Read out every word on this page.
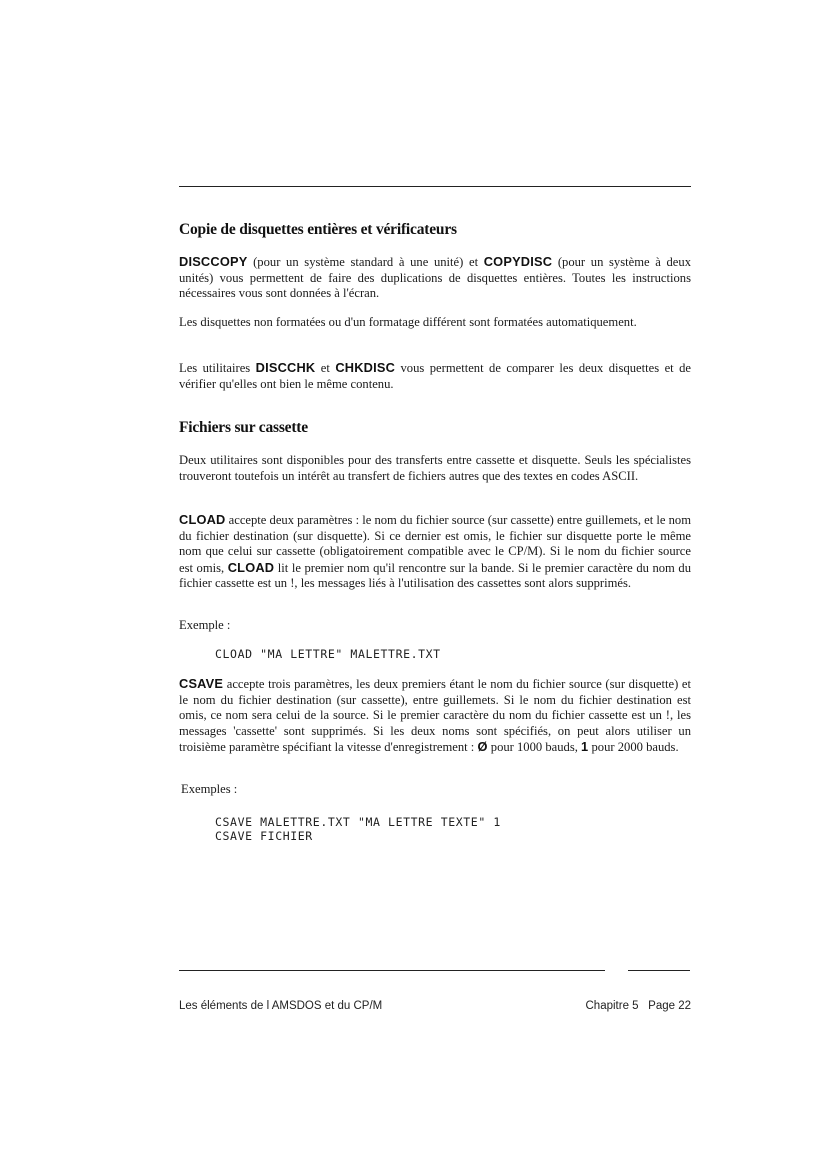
Copie de disquettes entières et vérificateurs

DISCCOPY (pour un système standard à une unité) et COPYDISC (pour un système à deux unités) vous permettent de faire des duplications de disquettes entières. Toutes les instructions nécessaires vous sont données à l'écran.

Les disquettes non formatées ou d'un formatage différent sont formatées automatiquement.

Les utilitaires DISCCHK et CHKDISC vous permettent de comparer les deux disquettes et de vérifier qu'elles ont bien le même contenu.

Fichiers sur cassette

Deux utilitaires sont disponibles pour des transferts entre cassette et disquette. Seuls les spécialistes trouveront toutefois un intérêt au transfert de fichiers autres que des textes en codes ASCII.

CLOAD accepte deux paramètres : le nom du fichier source (sur cassette) entre guillemets, et le nom du fichier destination (sur disquette). Si ce dernier est omis, le fichier sur disquette porte le même nom que celui sur cassette (obligatoirement compatible avec le CP/M). Si le nom du fichier source est omis, CLOAD lit le premier nom qu'il rencontre sur la bande. Si le premier caractère du nom du fichier cassette est un !, les messages liés à l'utilisation des cassettes sont alors supprimés.

Exemple :

CLOAD "MA LETTRE" MALETTRE.TXT

CSAVE accepte trois paramètres, les deux premiers étant le nom du fichier source (sur disquette) et le nom du fichier destination (sur cassette), entre guillemets. Si le nom du fichier destination est omis, ce nom sera celui de la source. Si le premier caractère du nom du fichier cassette est un !, les messages 'cassette' sont supprimés. Si les deux noms sont spécifiés, on peut alors utiliser un troisième paramètre spécifiant la vitesse d'enregistrement : Ø pour 1000 bauds, 1 pour 2000 bauds.

Exemples :

CSAVE MALETTRE.TXT "MA LETTRE TEXTE" 1
CSAVE FICHIER
Les éléments de l AMSDOS et du CP/M	Chapitre 5   Page 22
